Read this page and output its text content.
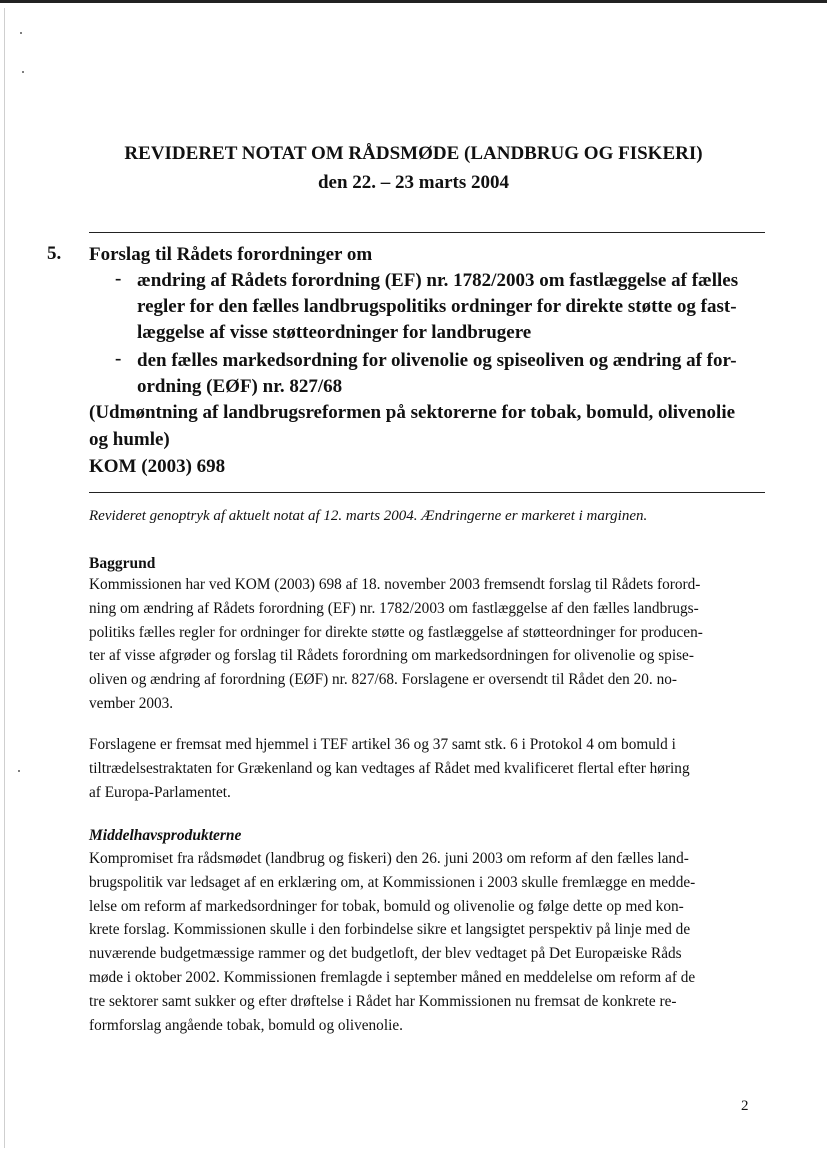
REVIDERET NOTAT OM RÅDSMØDE (LANDBRUG OG FISKERI)
den 22. – 23 marts 2004
5. Forslag til Rådets forordninger om
- ændring af Rådets forordning (EF) nr. 1782/2003 om fastlæggelse af fælles
regler for den fælles landbrugspolitiks ordninger for direkte støtte og fast-
læggelse af visse støtteordninger for landbrugere
- den fælles markedsordning for olivenolie og spiseoliven og ændring af for-
ordning (EØF) nr. 827/68
(Udmøntning af landbrugsreformen på sektorerne for tobak, bomuld, olivenolie
og humle)
KOM (2003) 698
Revideret genoptryk af aktuelt notat af 12. marts 2004. Ændringerne er markeret i marginen.
Baggrund
Kommissionen har ved KOM (2003) 698 af 18. november 2003 fremsendt forslag til Rådets forord-
ning om ændring af Rådets forordning (EF) nr. 1782/2003 om fastlæggelse af den fælles landbrugs-
politiks fælles regler for ordninger for direkte støtte og fastlæggelse af støtteordninger for producen-
ter af visse afgrøder og forslag til Rådets forordning om markedsordningen for olivenolie og spise-
oliven og ændring af forordning (EØF) nr. 827/68. Forslagene er oversendt til Rådet den 20. no-
vember 2003.
Forslagene er fremsat med hjemmel i TEF artikel 36 og 37 samt stk. 6 i Protokol 4 om bomuld i
tiltrædelsestraktaten for Grækenland og kan vedtages af Rådet med kvalificeret flertal efter høring
af Europa-Parlamentet.
Middelhavsprodukterne
Kompromiset fra rådsmødet (landbrug og fiskeri) den 26. juni 2003 om reform af den fælles land-
brugspolitik var ledsaget af en erklæring om, at Kommissionen i 2003 skulle fremlægge en medde-
lelse om reform af markedsordninger for tobak, bomuld og olivenolie og følge dette op med kon-
krete forslag. Kommissionen skulle i den forbindelse sikre et langsigtet perspektiv på linje med de
nuværende budgetmæssige rammer og det budgetloft, der blev vedtaget på Det Europæiske Råds
møde i oktober 2002. Kommissionen fremlagde i september måned en meddelelse om reform af de
tre sektorer samt sukker og efter drøftelse i Rådet har Kommissionen nu fremsat de konkrete re-
formforslag angående tobak, bomuld og olivenolie.
2
